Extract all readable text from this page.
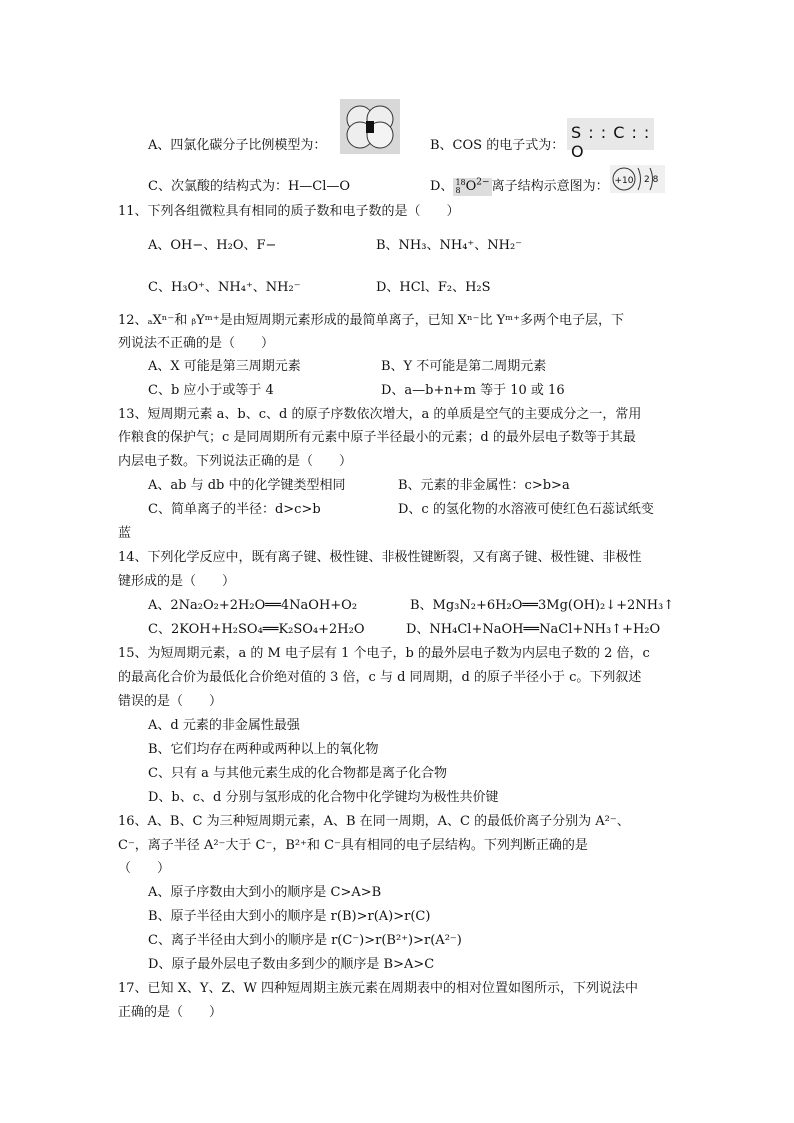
A、四氯化碳分子比例模型为：	B、COS 的电子式为：
S : : C : : O
C、次氯酸的结构式为：H—Cl—O	D、 18
8 $O^{2-}$ 离子结构示意图为： +10 2 8
11、下列各组微粒具有相同的质子数和电子数的是（　　）
A、OH−、H₂O、F−	B、NH₃、NH₄⁺、NH₂⁻
C、H₃O⁺、NH₄⁺、NH₂⁻	D、HCl、F₂、H₂S
12、ₐXⁿ⁻和 ᵦYᵐ⁺是由短周期元素形成的最简单离子，已知 Xⁿ⁻比 Yᵐ⁺多两个电子层，下
列说法不正确的是（　　）
A、X 可能是第三周期元素	B、Y 不可能是第二周期元素
C、b 应小于或等于 4	D、a—b+n+m 等于 10 或 16
13、短周期元素 a、b、c、d 的原子序数依次增大，a 的单质是空气的主要成分之一，常用
作粮食的保护气；c 是同周期所有元素中原子半径最小的元素；d 的最外层电子数等于其最
内层电子数。下列说法正确的是（　　）
A、ab 与 db 中的化学键类型相同	B、元素的非金属性：c>b>a
C、简单离子的半径：d>c>b	D、c 的氢化物的水溶液可使红色石蕊试纸变
蓝
14、下列化学反应中，既有离子键、极性键、非极性键断裂，又有离子键、极性键、非极性
键形成的是（　　）
A、2Na₂O₂+2H₂O══4NaOH+O₂	B、Mg₃N₂+6H₂O══3Mg(OH)₂↓+2NH₃↑
C、2KOH+H₂SO₄══K₂SO₄+2H₂O	D、NH₄Cl+NaOH══NaCl+NH₃↑+H₂O
15、为短周期元素，a 的 M 电子层有 1 个电子，b 的最外层电子数为内层电子数的 2 倍，c
的最高化合价为最低化合价绝对值的 3 倍，c 与 d 同周期，d 的原子半径小于 c。下列叙述
错误的是（　　）
A、d 元素的非金属性最强
B、它们均存在两种或两种以上的氧化物
C、只有 a 与其他元素生成的化合物都是离子化合物
D、b、c、d 分别与氢形成的化合物中化学键均为极性共价键
16、A、B、C 为三种短周期元素，A、B 在同一周期，A、C 的最低价离子分别为 A²⁻、
C⁻，离子半径 A²⁻大于 C⁻，B²⁺和 C⁻具有相同的电子层结构。下列判断正确的是
（　　）
A、原子序数由大到小的顺序是 C>A>B
B、原子半径由大到小的顺序是 r(B)>r(A)>r(C)
C、离子半径由大到小的顺序是 r(C⁻)>r(B²⁺)>r(A²⁻)
D、原子最外层电子数由多到少的顺序是 B>A>C
17、已知 X、Y、Z、W 四种短周期主族元素在周期表中的相对位置如图所示，下列说法中
正确的是（　　）
